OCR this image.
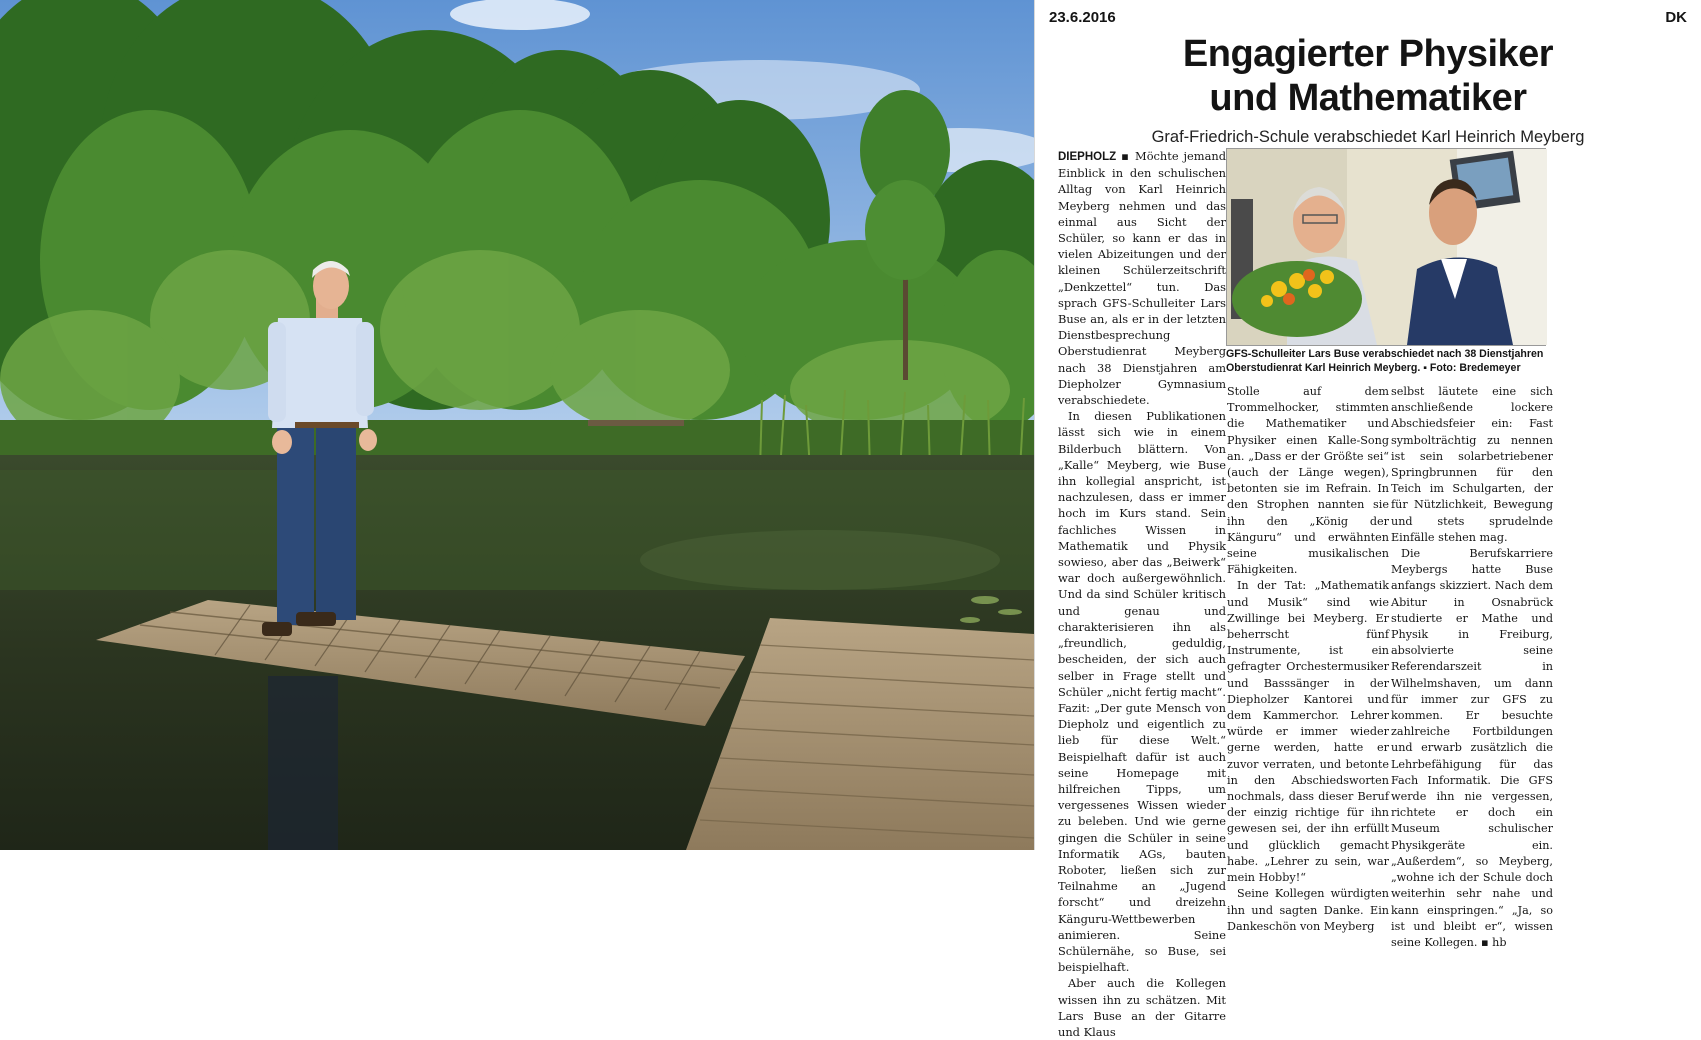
23.6.2016	DK
Engagierter Physiker
und Mathematiker
Graf-Friedrich-Schule verabschiedet Karl Heinrich Meyberg

DIEPHOLZ ▪ Möchte jemand Einblick in den schulischen Alltag von Karl Heinrich Meyberg nehmen und das einmal aus Sicht der Schüler, so kann er das in vielen Abizeitungen und der kleinen Schülerzeitschrift „Denkzettel“ tun. Das sprach GFS-Schulleiter Lars Buse an, als er in der letzten Dienstbesprechung Oberstudienrat Meyberg nach 38 Dienstjahren am Diepholzer Gymnasium verabschiedete.

In diesen Publikationen lässt sich wie in einem Bilderbuch blättern. Von „Kalle“ Meyberg, wie Buse ihn kollegial anspricht, ist nachzulesen, dass er immer hoch im Kurs stand. Sein fachliches Wissen in Mathematik und Physik sowieso, aber das „Beiwerk“ war doch außergewöhnlich. Und da sind Schüler kritisch und genau und charakterisieren ihn als „freundlich, geduldig, bescheiden, der sich auch selber in Frage stellt und Schüler „nicht fertig macht“. Fazit: „Der gute Mensch von Diepholz und eigentlich zu lieb für diese Welt.“ Beispielhaft dafür ist auch seine Homepage mit hilfreichen Tipps, um vergessenes Wissen wieder zu beleben. Und wie gerne gingen die Schüler in seine Informatik AGs, bauten Roboter, ließen sich zur Teilnahme an „Jugend forscht“ und dreizehn Känguru-Wettbewerben animieren. Seine Schülernähe, so Buse, sei beispielhaft.

Aber auch die Kollegen wissen ihn zu schätzen. Mit Lars Buse an der Gitarre und Klaus

GFS-Schulleiter Lars Buse verabschiedet nach 38 Dienstjahren Oberstudienrat Karl Heinrich Meyberg. ▪ Foto: Bredemeyer

Stolle auf dem Trommelhocker, stimmten die Mathematiker und Physiker einen Kalle-Song an. „Dass er der Größte sei“ (auch der Länge wegen), betonten sie im Refrain. In den Strophen nannten sie ihn den „König der Känguru“ und erwähnten seine musikalischen Fähigkeiten.

In der Tat: „Mathematik und Musik“ sind wie Zwillinge bei Meyberg. Er beherrscht fünf Instrumente, ist ein gefragter Orchestermusiker und Basssänger in der Diepholzer Kantorei und dem Kammerchor. Lehrer würde er immer wieder gerne werden, hatte er zuvor verraten, und betonte in den Abschiedsworten nochmals, dass dieser Beruf der einzig richtige für ihn gewesen sei, der ihn erfüllt und glücklich gemacht habe. „Lehrer zu sein, war mein Hobby!“

Seine Kollegen würdigten ihn und sagten Danke. Ein Dankeschön von Meyberg

selbst läutete eine sich anschließende lockere Abschiedsfeier ein: Fast symbolträchtig zu nennen ist sein solarbetriebener Springbrunnen für den Teich im Schulgarten, der für Nützlichkeit, Bewegung und stets sprudelnde Einfälle stehen mag.

Die Berufskarriere Meybergs hatte Buse anfangs skizziert. Nach dem Abitur in Osnabrück studierte er Mathe und Physik in Freiburg, absolvierte seine Referendarszeit in Wilhelmshaven, um dann für immer zur GFS zu kommen. Er besuchte zahlreiche Fortbildungen und erwarb zusätzlich die Lehrbefähigung für das Fach Informatik. Die GFS werde ihn nie vergessen, richtete er doch ein Museum schulischer Physikgeräte ein. „Außerdem“, so Meyberg, „wohne ich der Schule doch weiterhin sehr nahe und kann einspringen.“ „Ja, so ist und bleibt er“, wissen seine Kollegen. ▪ hb
